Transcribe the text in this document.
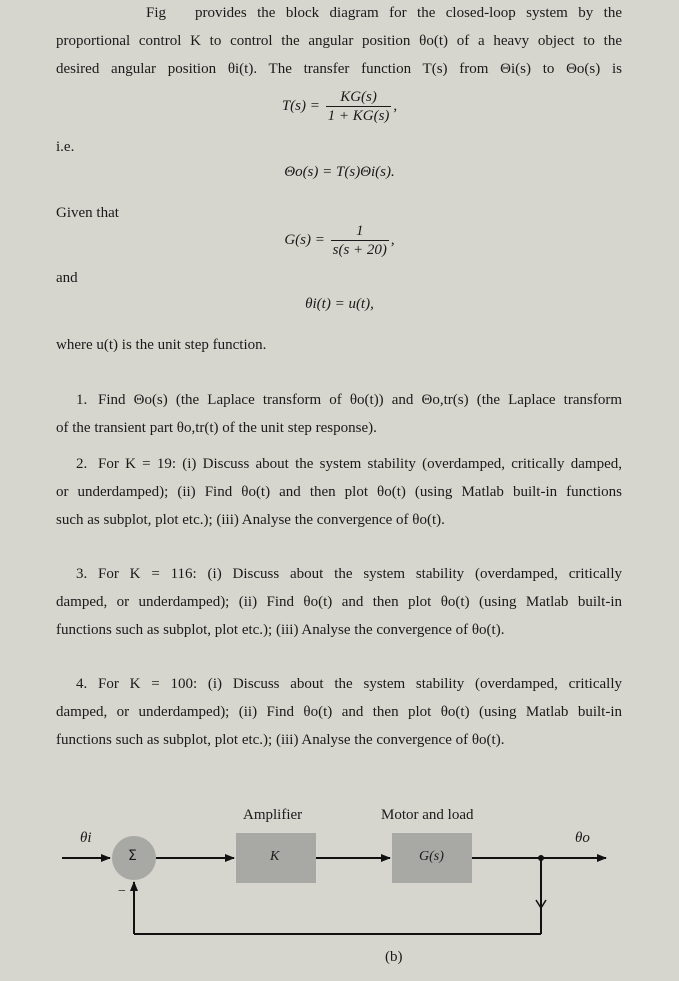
Fig provides the block diagram for the closed-loop system by the
proportional control K to control the angular position θo(t) of a heavy object to the
desired angular position θi(t). The transfer function T(s) from Θi(s) to Θo(s) is
$T(s) = \frac{KG(s)}{1 + KG(s)}$ ,
i.e.
Θo(s) = T(s)Θi(s).
Given that
$G(s) = \frac{1}{s(s + 20)}$ ,
and
θi(t) = u(t),
where u(t) is the unit step function.
1. Find Θo(s) (the Laplace transform of θo(t)) and Θo,tr(s) (the Laplace transform
of the transient part θo,tr(t) of the unit step response).
2. For K = 19: (i) Discuss about the system stability (overdamped, critically damped,
or underdamped); (ii) Find θo(t) and then plot θo(t) (using Matlab built-in functions
such as subplot, plot etc.); (iii) Analyse the convergence of θo(t).
3. For K = 116: (i) Discuss about the system stability (overdamped, critically
damped, or underdamped); (ii) Find θo(t) and then plot θo(t) (using Matlab built-in
functions such as subplot, plot etc.); (iii) Analyse the convergence of θo(t).
4. For K = 100: (i) Discuss about the system stability (overdamped, critically
damped, or underdamped); (ii) Find θo(t) and then plot θo(t) (using Matlab built-in
functions such as subplot, plot etc.); (iii) Analyse the convergence of θo(t).
θi
Σ
−
Amplifier
K
Motor and load
G(s)
θo
(b)
